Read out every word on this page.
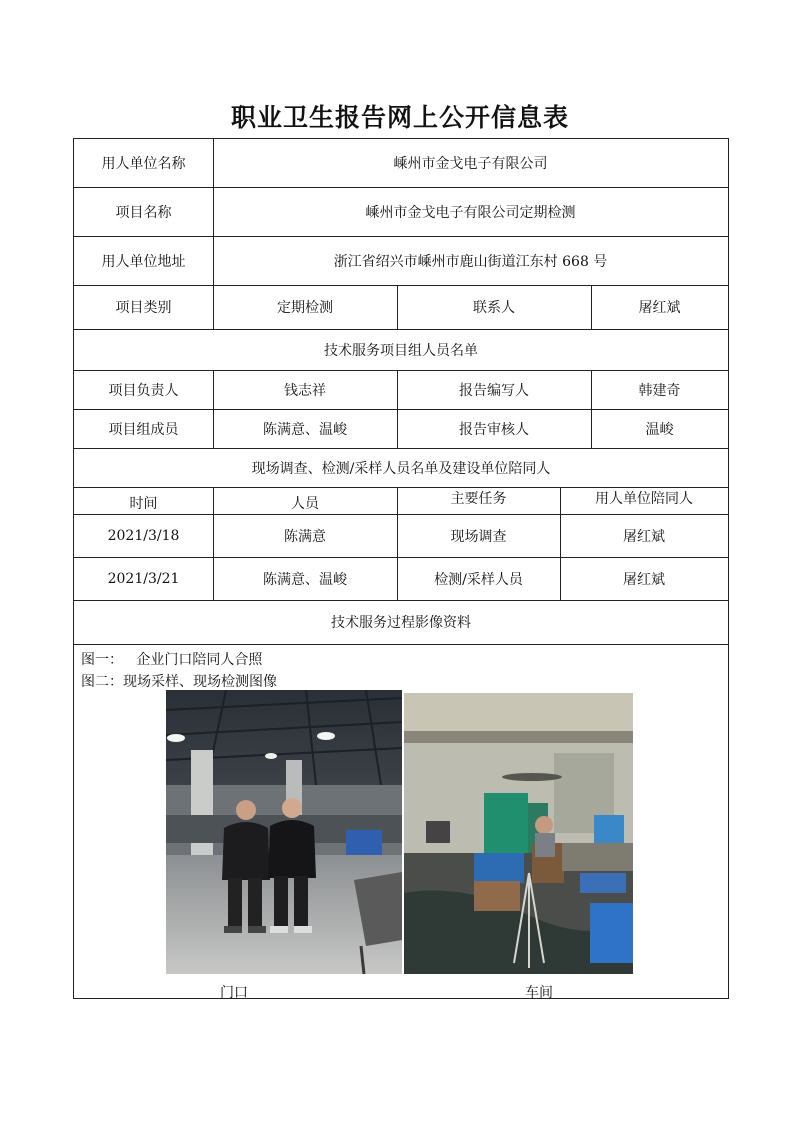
职业卫生报告网上公开信息表
用人单位名称	嵊州市金戈电子有限公司
项目名称	嵊州市金戈电子有限公司定期检测
用人单位地址	浙江省绍兴市嵊州市鹿山街道江东村 668 号
项目类别	定期检测	联系人	屠红斌
技术服务项目组人员名单
项目负责人	钱志祥	报告编写人	韩建奇
项目组成员	陈满意、温峻	报告审核人	温峻
现场调查、检测/采样人员名单及建设单位陪同人
时间	人员	主要任务	用人单位陪同人
2021/3/18	陈满意	现场调查	屠红斌
2021/3/21	陈满意、温峻	检测/采样人员	屠红斌
技术服务过程影像资料
图一：   企业门口陪同人合照
图二：现场采样、现场检测图像
门口	车间
